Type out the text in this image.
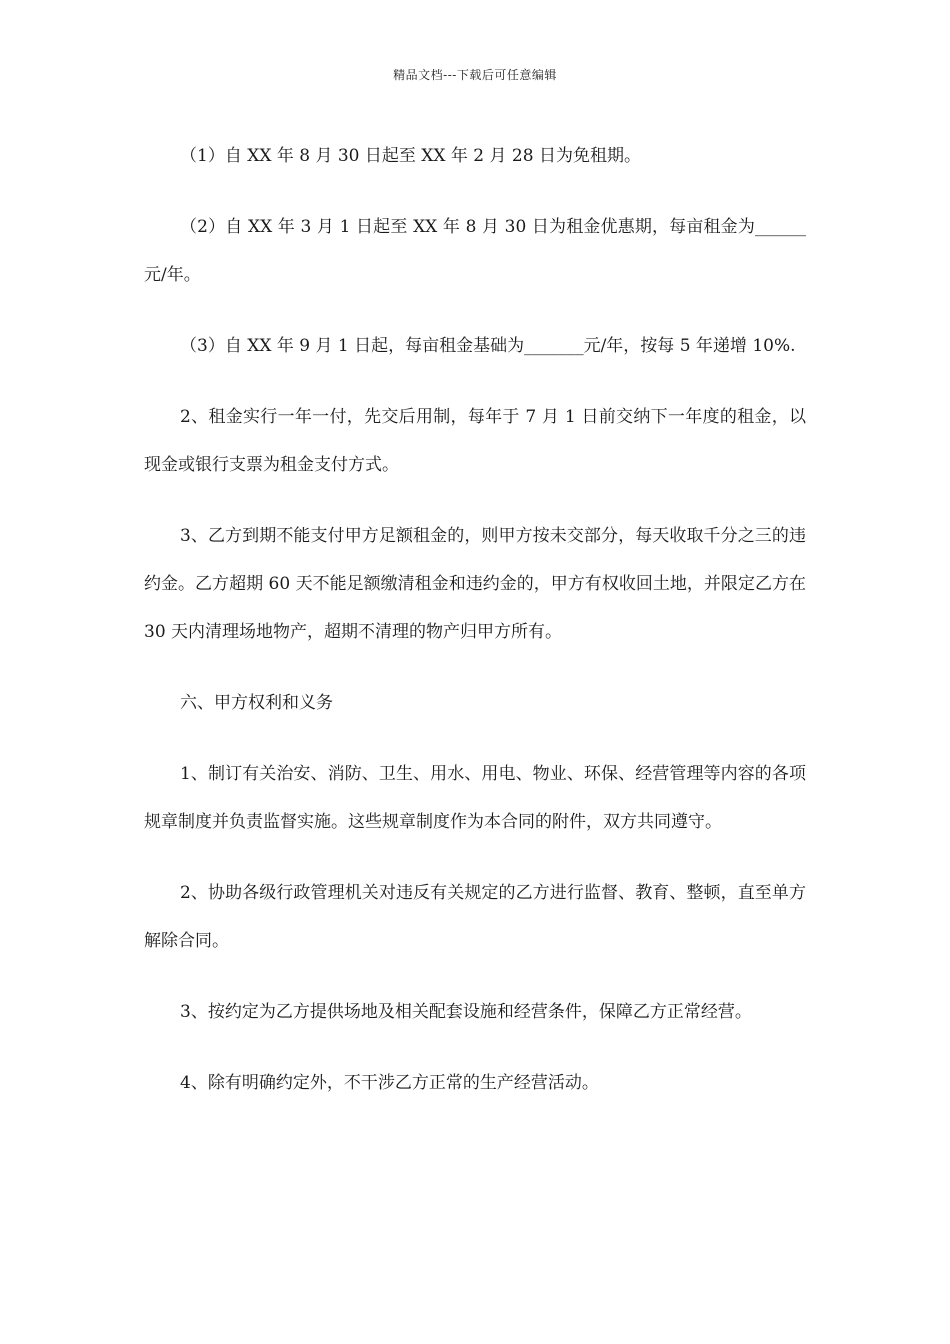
精品文档---下载后可任意编辑

（1）自 XX 年 8 月 30 日起至 XX 年 2 月 28 日为免租期。

（2）自 XX 年 3 月 1 日起至 XX 年 8 月 30 日为租金优惠期，每亩租金为______元/年。

（3）自 XX 年 9 月 1 日起，每亩租金基础为_______元/年，按每 5 年递增 10%.

2、租金实行一年一付，先交后用制，每年于 7 月 1 日前交纳下一年度的租金，以现金或银行支票为租金支付方式。

3、乙方到期不能支付甲方足额租金的，则甲方按未交部分，每天收取千分之三的违约金。乙方超期 60 天不能足额缴清租金和违约金的，甲方有权收回土地，并限定乙方在 30 天内清理场地物产，超期不清理的物产归甲方所有。

六、甲方权利和义务

1、制订有关治安、消防、卫生、用水、用电、物业、环保、经营管理等内容的各项规章制度并负责监督实施。这些规章制度作为本合同的附件，双方共同遵守。

2、协助各级行政管理机关对违反有关规定的乙方进行监督、教育、整顿，直至单方解除合同。

3、按约定为乙方提供场地及相关配套设施和经营条件，保障乙方正常经营。

4、除有明确约定外，不干涉乙方正常的生产经营活动。
